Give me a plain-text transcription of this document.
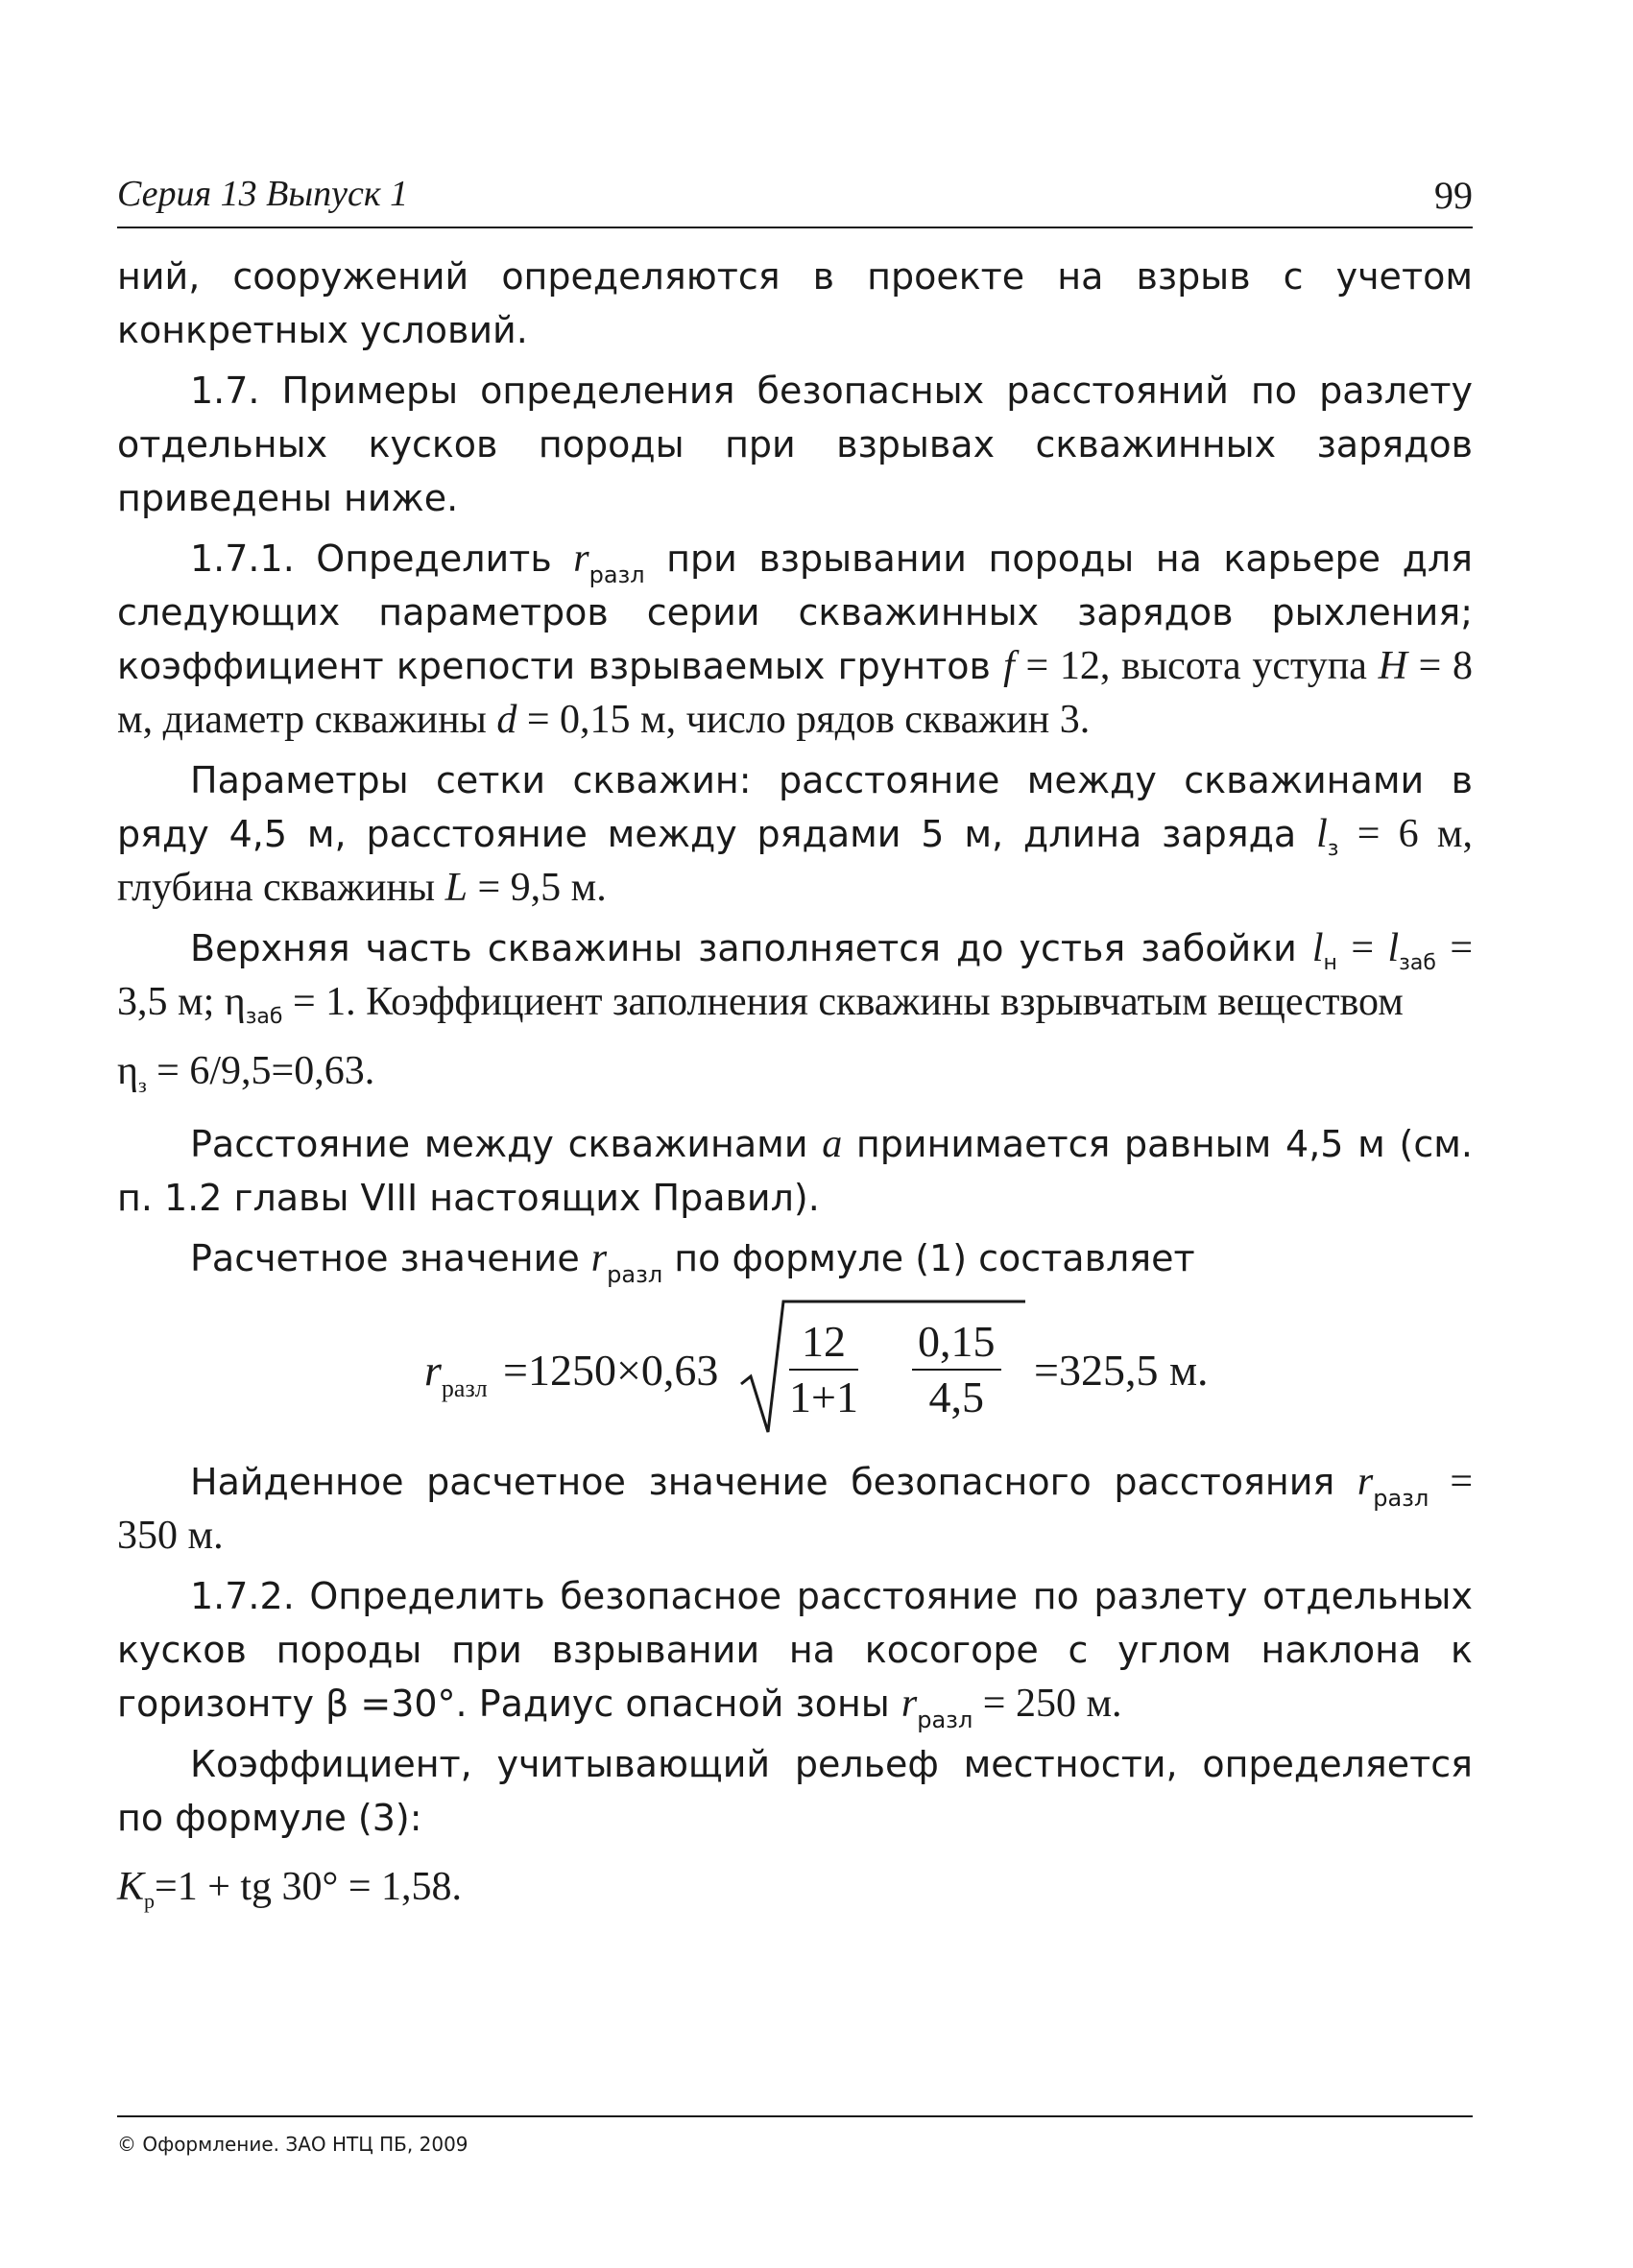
Серия 13 Выпуск 1	99

ний, сооружений определяются в проекте на взрыв с учетом конкретных условий.

1.7. Примеры определения безопасных расстояний по разлету отдельных кусков породы при взрывах скважинных зарядов приведены ниже.

1.7.1. Определить $r_{разл}$ при взрывании породы на карьере для следующих параметров серии скважинных зарядов рыхления; коэффициент крепости взрываемых грунтов f = 12, высота уступа H = 8 м, диаметр скважины d = 0,15 м, число рядов скважин 3.

Параметры сетки скважин: расстояние между скважинами в ряду 4,5 м, расстояние между рядами 5 м, длина заряда $l_з = 6$ м, глубина скважины L = 9,5 м.

Верхняя часть скважины заполняется до устья забойки $l_н = l_{заб} = 3,5$ м; $\eta_{заб} = 1$. Коэффициент заполнения скважины взрывчатым веществом

$\eta_з = 6/9,5=0,63$.

Расстояние между скважинами a принимается равным 4,5 м (см. п. 1.2 главы VIII настоящих Правил).

Расчетное значение $r_{разл}$ по формуле (1) составляет

$r_{разл} =1250\times 0,63 \frac{12}{1+1} \frac{0,15}{4,5} =325,5$ м.

Найденное расчетное значение безопасного расстояния $r_{разл} = 350$ м.

1.7.2. Определить безопасное расстояние по разлету отдельных кусков породы при взрывании на косогоре с углом наклона к горизонту β =30°. Радиус опасной зоны $r_{разл} = 250$ м.

Коэффициент, учитывающий рельеф местности, определяется по формуле (3):

$K_р=1$ + tg 30° = 1,58.

© Оформление. ЗАО НТЦ ПБ, 2009
